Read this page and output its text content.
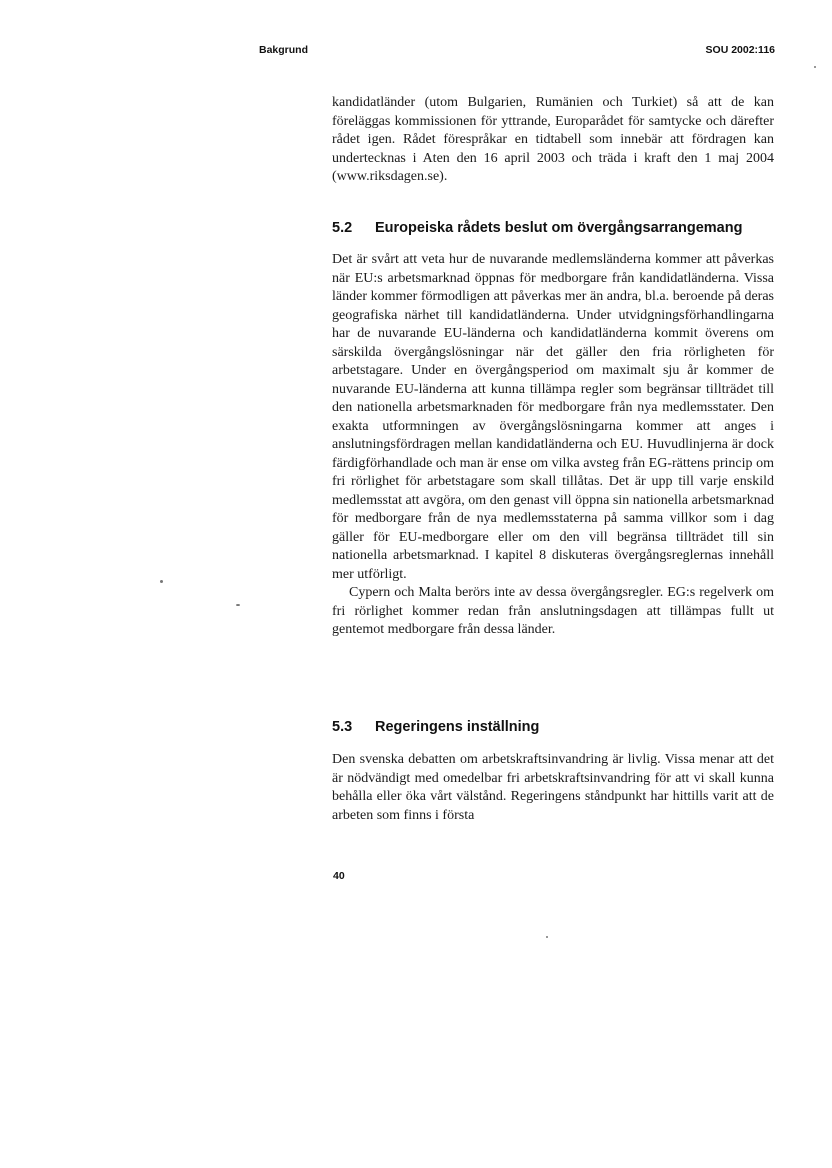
Bakgrund	SOU 2002:116

kandidatländer (utom Bulgarien, Rumänien och Turkiet) så att de kan föreläggas kommissionen för yttrande, Europarådet för samtycke och därefter rådet igen. Rådet förespråkar en tidtabell som innebär att fördragen kan undertecknas i Aten den 16 april 2003 och träda i kraft den 1 maj 2004 (www.riksdagen.se).

5.2 Europeiska rådets beslut om övergångsarrangemang

Det är svårt att veta hur de nuvarande medlemsländerna kommer att påverkas när EU:s arbetsmarknad öppnas för medborgare från kandidatländerna. Vissa länder kommer förmodligen att påverkas mer än andra, bl.a. beroende på deras geografiska närhet till kandidatländerna. Under utvidgningsförhandlingarna har de nuvarande EU-länderna och kandidatländerna kommit överens om särskilda övergångslösningar när det gäller den fria rörligheten för arbetstagare. Under en övergångsperiod om maximalt sju år kommer de nuvarande EU-länderna att kunna tillämpa regler som begränsar tillträdet till den nationella arbetsmarknaden för medborgare från nya medlemsstater. Den exakta utformningen av övergångslösningarna kommer att anges i anslutningsfördragen mellan kandidatländerna och EU. Huvudlinjerna är dock färdigförhandlade och man är ense om vilka avsteg från EG-rättens princip om fri rörlighet för arbetstagare som skall tillåtas. Det är upp till varje enskild medlemsstat att avgöra, om den genast vill öppna sin nationella arbetsmarknad för medborgare från de nya medlemsstaterna på samma villkor som i dag gäller för EU-medborgare eller om den vill begränsa tillträdet till sin nationella arbetsmarknad. I kapitel 8 diskuteras övergångsreglernas innehåll mer utförligt.

Cypern och Malta berörs inte av dessa övergångsregler. EG:s regelverk om fri rörlighet kommer redan från anslutningsdagen att tillämpas fullt ut gentemot medborgare från dessa länder.

5.3 Regeringens inställning

Den svenska debatten om arbetskraftsinvandring är livlig. Vissa menar att det är nödvändigt med omedelbar fri arbetskraftsinvandring för att vi skall kunna behålla eller öka vårt välstånd. Regeringens ståndpunkt har hittills varit att de arbeten som finns i första

40
